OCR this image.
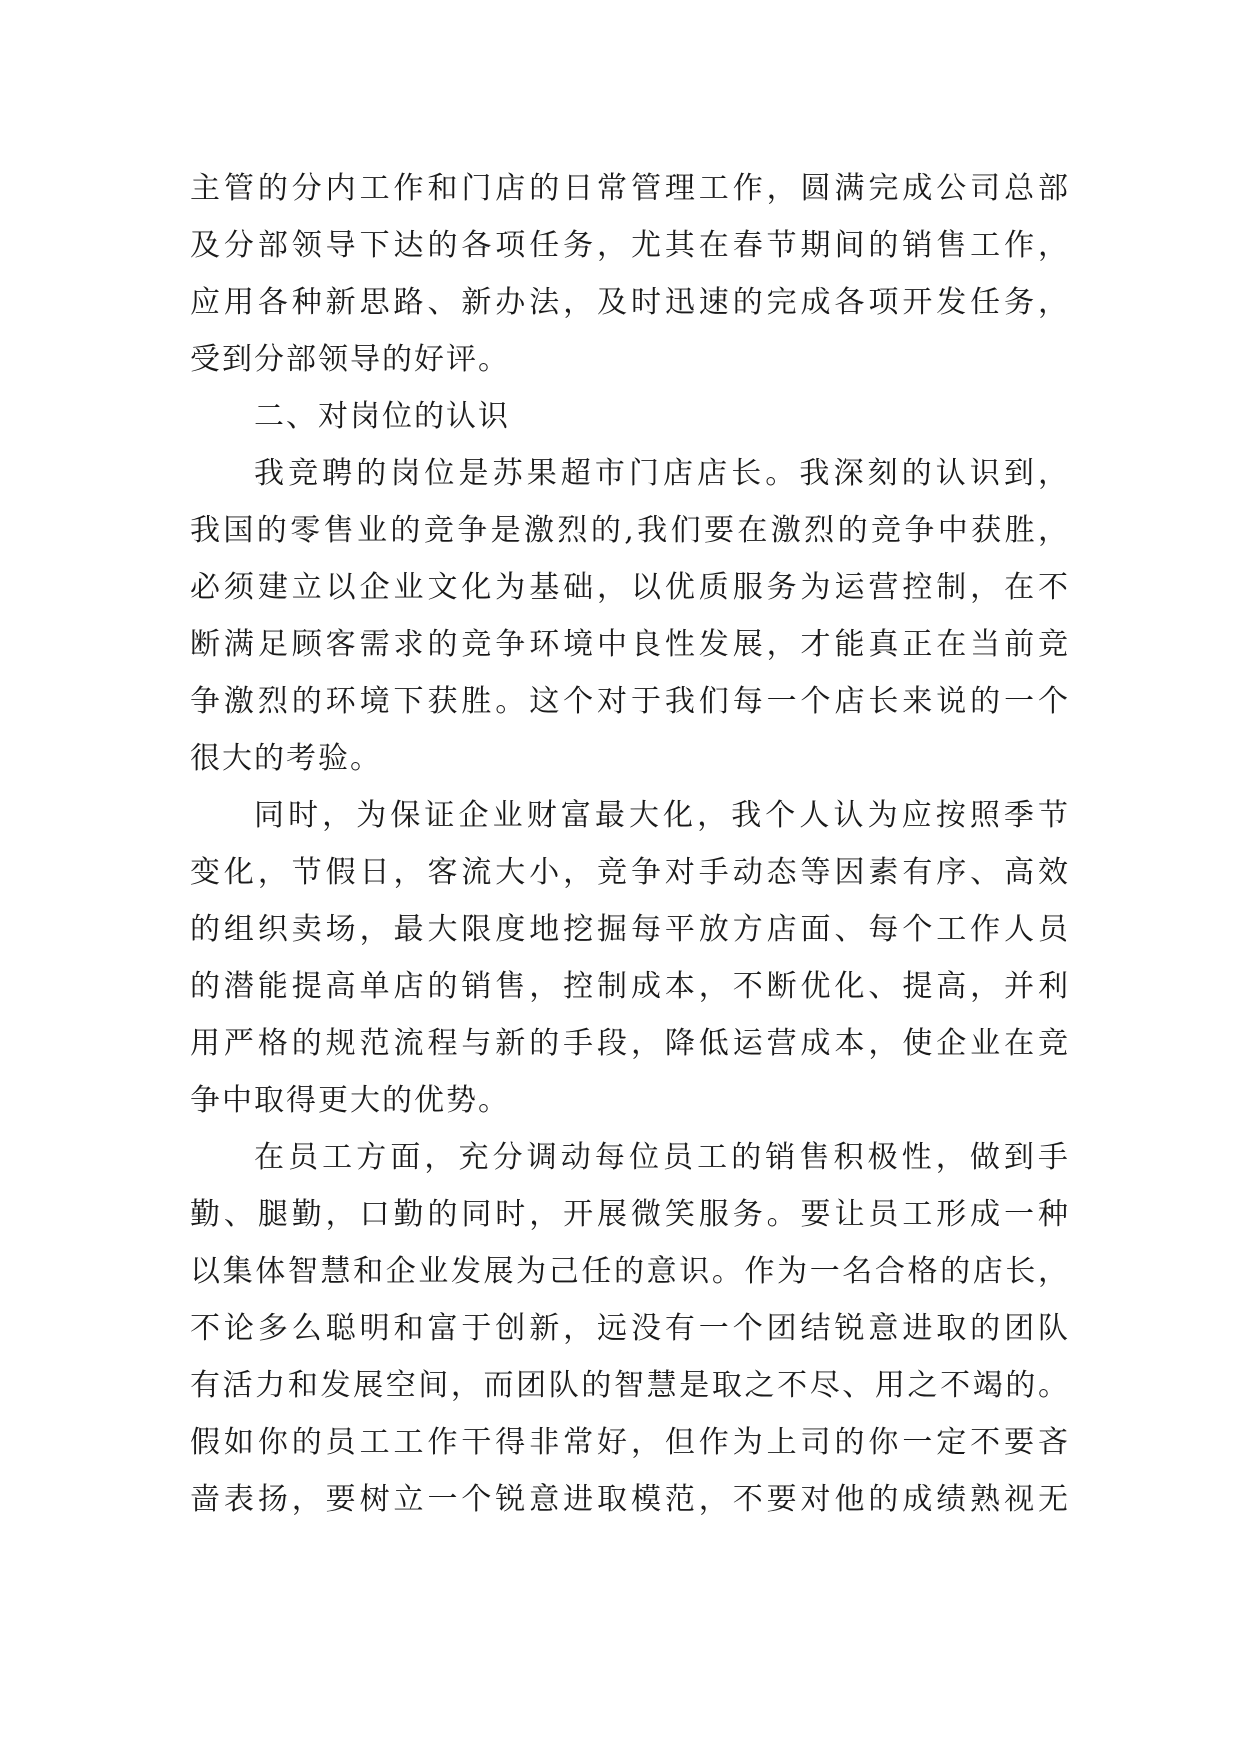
主管的分内工作和门店的日常管理工作，圆满完成公司总部
及分部领导下达的各项任务，尤其在春节期间的销售工作，
应用各种新思路、新办法，及时迅速的完成各项开发任务，
受到分部领导的好评。
二、对岗位的认识
我竞聘的岗位是苏果超市门店店长。我深刻的认识到，
我国的零售业的竞争是激烈的,我们要在激烈的竞争中获胜，
必须建立以企业文化为基础，以优质服务为运营控制，在不
断满足顾客需求的竞争环境中良性发展，才能真正在当前竞
争激烈的环境下获胜。这个对于我们每一个店长来说的一个
很大的考验。
同时，为保证企业财富最大化，我个人认为应按照季节
变化，节假日，客流大小，竞争对手动态等因素有序、高效
的组织卖场，最大限度地挖掘每平放方店面、每个工作人员
的潜能提高单店的销售，控制成本，不断优化、提高，并利
用严格的规范流程与新的手段，降低运营成本，使企业在竞
争中取得更大的优势。
在员工方面，充分调动每位员工的销售积极性，做到手
勤、腿勤，口勤的同时，开展微笑服务。要让员工形成一种
以集体智慧和企业发展为己任的意识。作为一名合格的店长，
不论多么聪明和富于创新，远没有一个团结锐意进取的团队
有活力和发展空间，而团队的智慧是取之不尽、用之不竭的。
假如你的员工工作干得非常好，但作为上司的你一定不要吝
啬表扬，要树立一个锐意进取模范，不要对他的成绩熟视无
